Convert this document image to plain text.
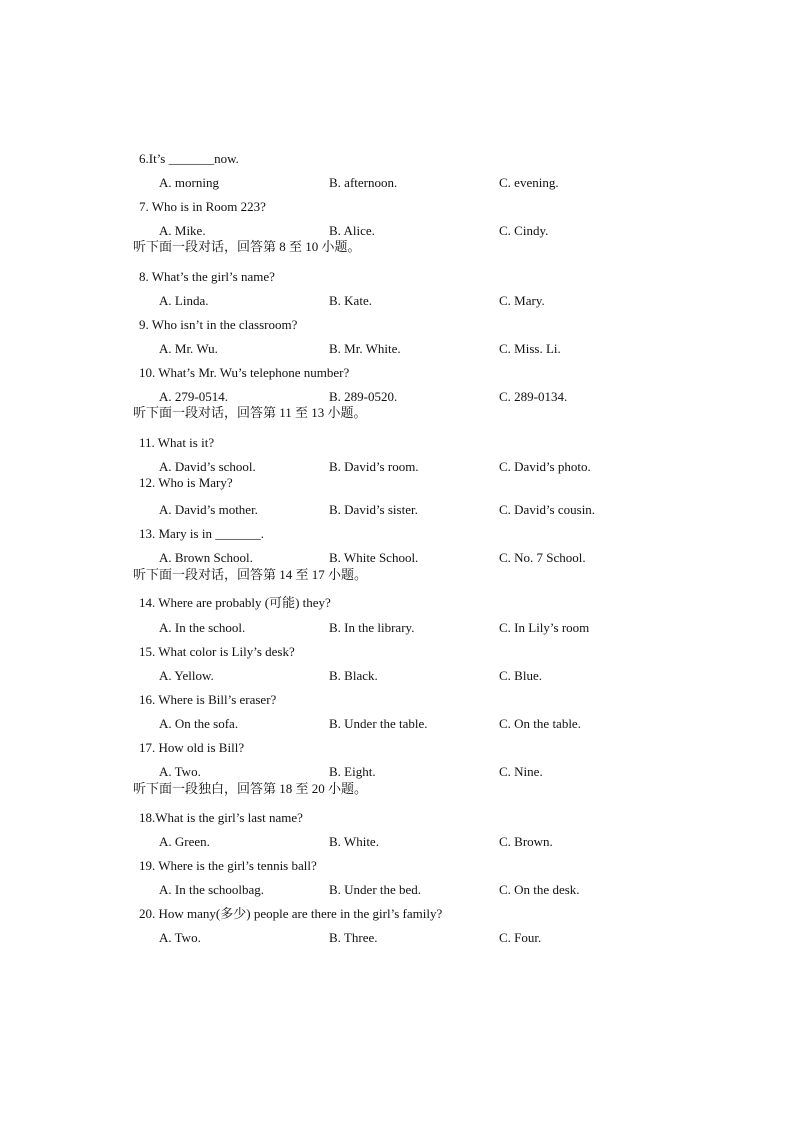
6.It’s _______now.
A. morning	B. afternoon.	C. evening.
7. Who is in Room 223?
A. Mike.	B. Alice.	C. Cindy.
听下面一段对话，回答第 8 至 10 小题。
8. What’s the girl’s name?
A. Linda.	B. Kate.	C. Mary.
9. Who isn’t in the classroom?
A. Mr. Wu.	B. Mr. White.	C. Miss. Li.
10. What’s Mr. Wu’s telephone number?
A. 279-0514.	B. 289-0520.	C. 289-0134.
听下面一段对话，回答第 11 至 13 小题。
11. What is it?
A. David’s school.	B. David’s room.	C. David’s photo.
12. Who is Mary?
A. David’s mother.	B. David’s sister.	C. David’s cousin.
13. Mary is in _______.
A. Brown School.	B. White School.	C. No. 7 School.
听下面一段对话，回答第 14 至 17 小题。
14. Where are probably (可能) they?
A. In the school.	B. In the library.	C. In Lily’s room
15. What color is Lily’s desk?
A. Yellow.	B. Black.	C. Blue.
16. Where is Bill’s eraser?
A. On the sofa.	B. Under the table.	C. On the table.
17. How old is Bill?
A. Two.	B. Eight.	C. Nine.
听下面一段独白，回答第 18 至 20 小题。
18.What is the girl’s last name?
A. Green.	B. White.	C. Brown.
19. Where is the girl’s tennis ball?
A. In the schoolbag.	B. Under the bed.	C. On the desk.
20. How many(多少) people are there in the girl’s family?
A. Two.	B. Three.	C. Four.
